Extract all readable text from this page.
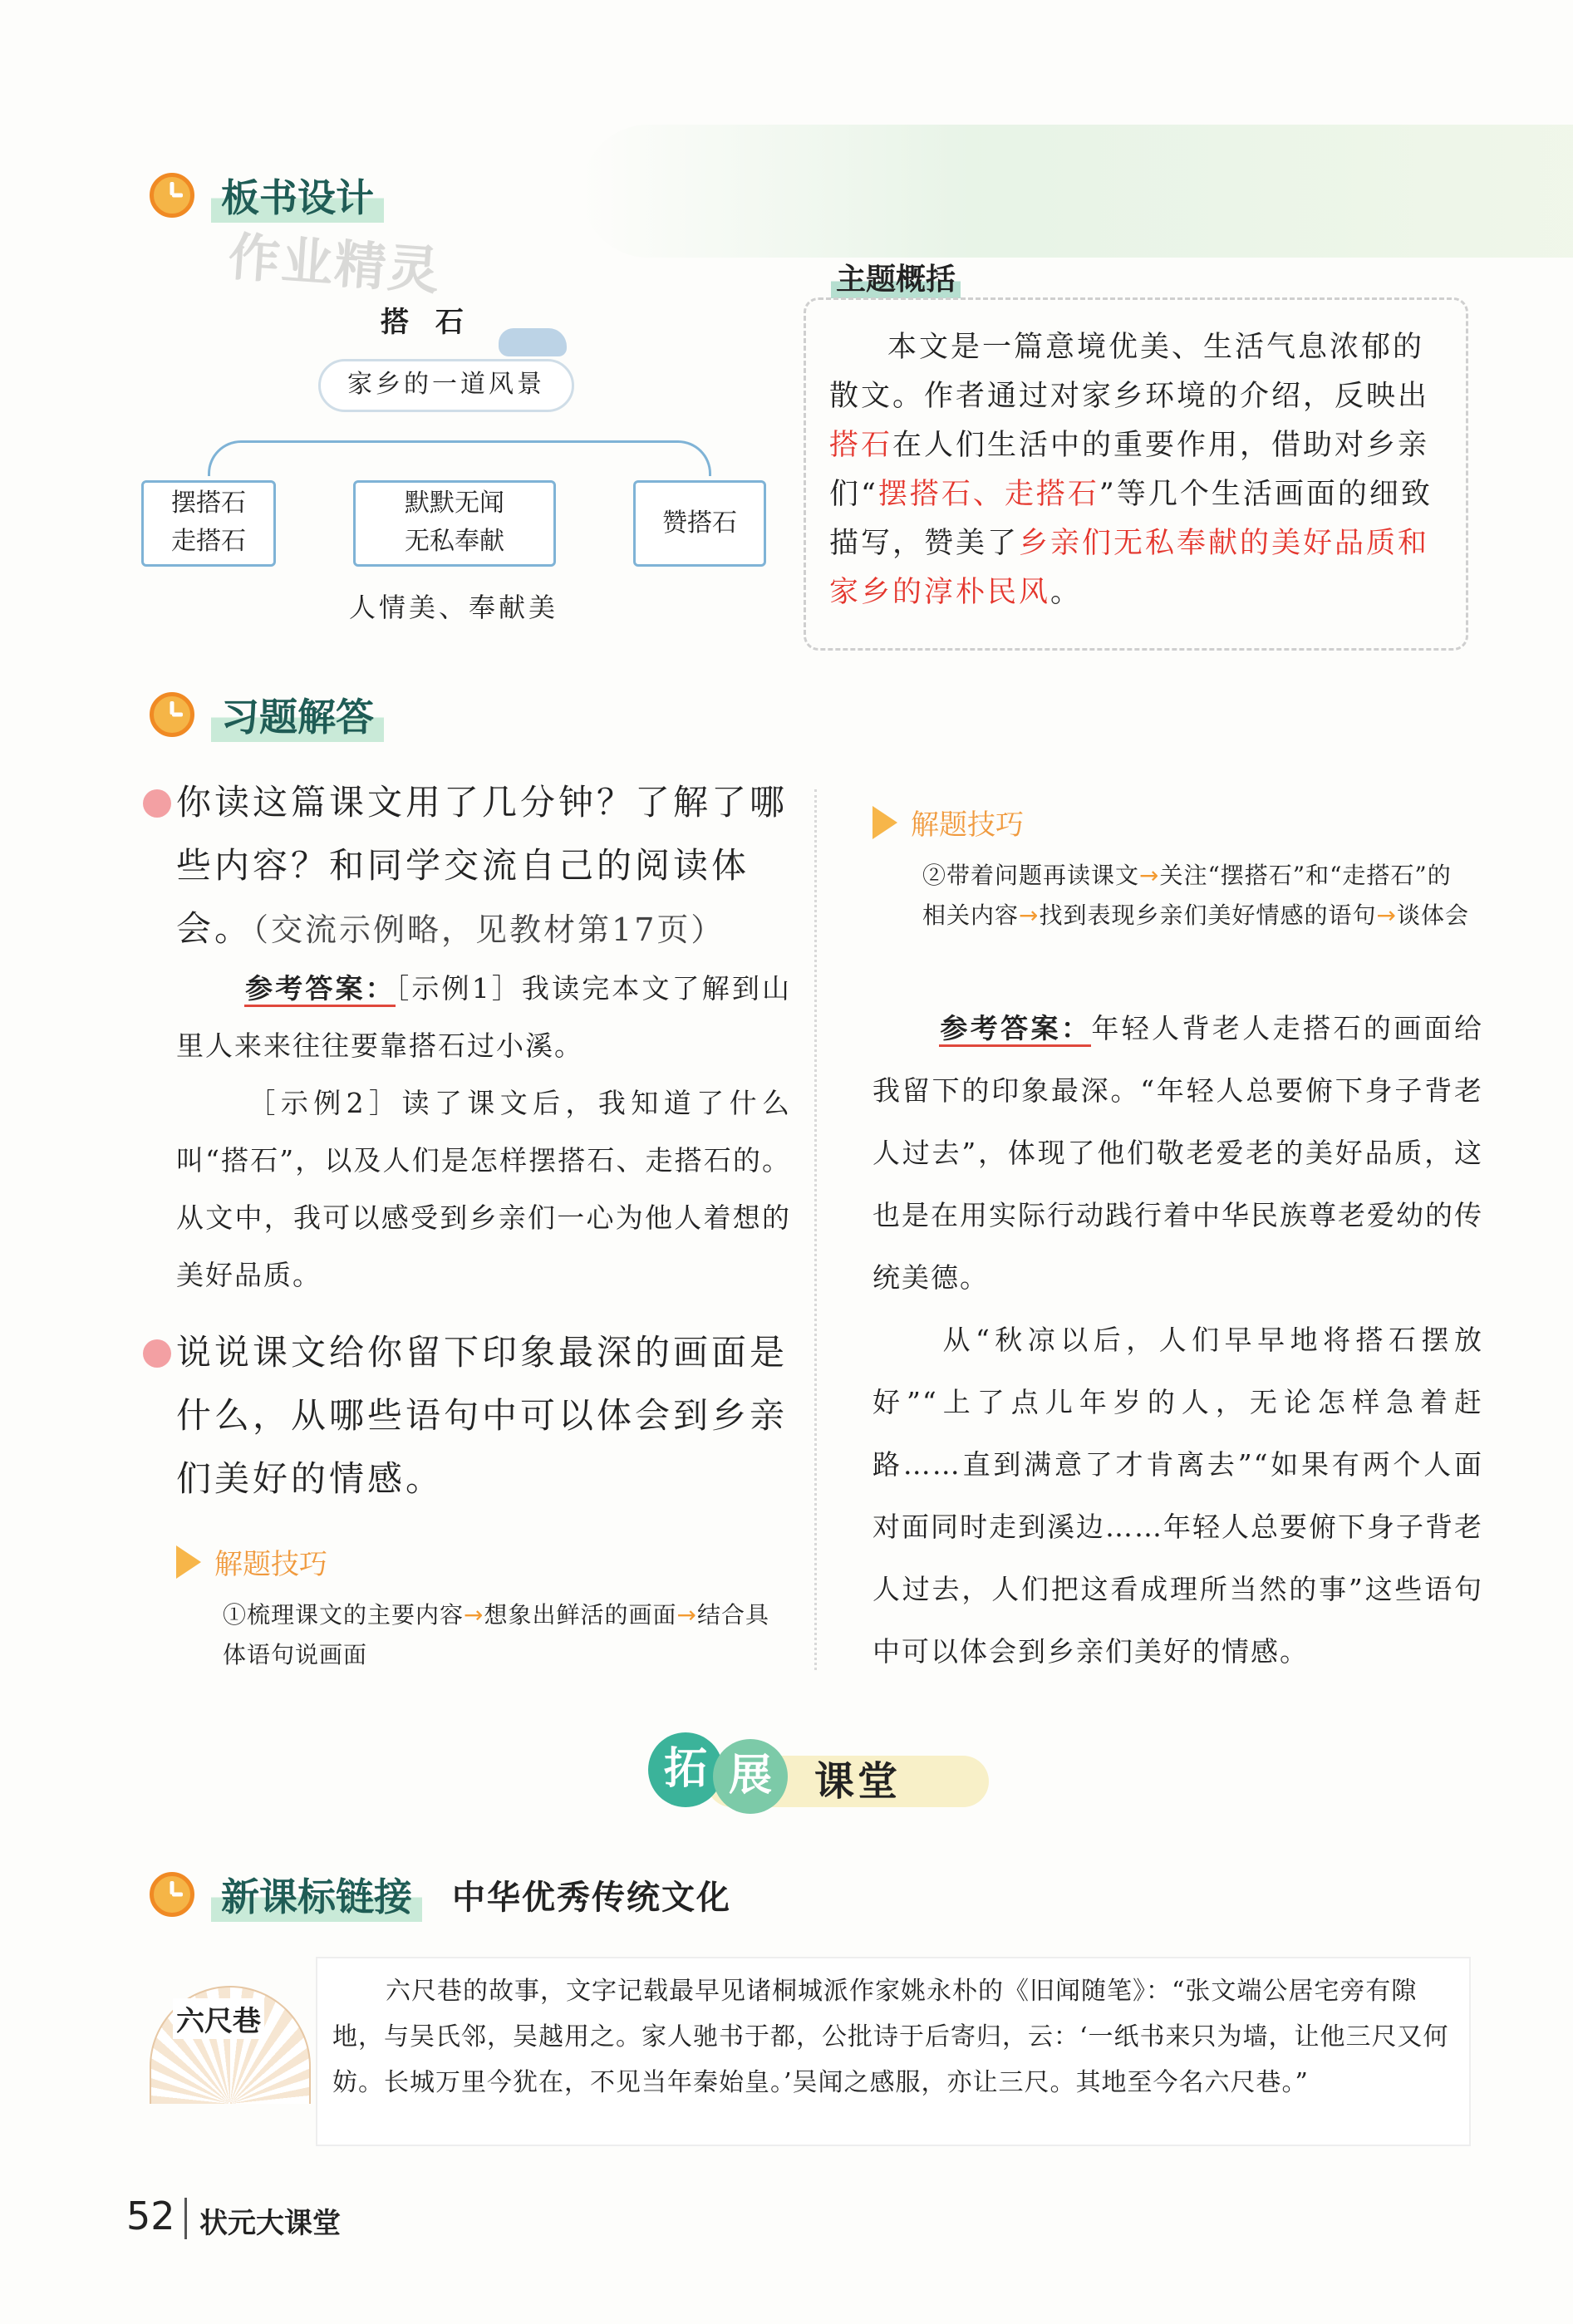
板书设计
作业精灵
搭 石
家乡的一道风景
摆搭石
走搭石
默默无闻
无私奉献
赞搭石
人情美、奉献美
主题概括
本文是一篇意境优美、生活气息浓郁的散文。作者通过对家乡环境的介绍，反映出搭石在人们生活中的重要作用，借助对乡亲们“摆搭石、走搭石”等几个生活画面的细致描写，赞美了乡亲们无私奉献的美好品质和家乡的淳朴民风。
习题解答
你读这篇课文用了几分钟？了解了哪些内容？和同学交流自己的阅读体会。（交流示例略，见教材第17页）
参考答案：［示例1］我读完本文了解到山里人来来往往要靠搭石过小溪。
［示例2］读了课文后，我知道了什么叫“搭石”，以及人们是怎样摆搭石、走搭石的。从文中，我可以感受到乡亲们一心为他人着想的美好品质。
说说课文给你留下印象最深的画面是什么，从哪些语句中可以体会到乡亲们美好的情感。
解题技巧
①梳理课文的主要内容→想象出鲜活的画面→结合具体语句说画面
解题技巧
②带着问题再读课文→关注“摆搭石”和“走搭石”的相关内容→找到表现乡亲们美好情感的语句→谈体会
参考答案：年轻人背老人走搭石的画面给我留下的印象最深。“年轻人总要俯下身子背老人过去”，体现了他们敬老爱老的美好品质，这也是在用实际行动践行着中华民族尊老爱幼的传统美德。
从“秋凉以后，人们早早地将搭石摆放好”“上了点儿年岁的人，无论怎样急着赶路……直到满意了才肯离去”“如果有两个人面对面同时走到溪边……年轻人总要俯下身子背老人过去，人们把这看成理所当然的事”这些语句中可以体会到乡亲们美好的情感。
拓 展	课堂
新课标链接	中华优秀传统文化
六尺巷
六尺巷的故事，文字记载最早见诸桐城派作家姚永朴的《旧闻随笔》：“张文端公居宅旁有隙地，与吴氏邻，吴越用之。家人驰书于都，公批诗于后寄归，云：‘一纸书来只为墙，让他三尺又何妨。长城万里今犹在，不见当年秦始皇。’吴闻之感服，亦让三尺。其地至今名六尺巷。”
52 状元大课堂
